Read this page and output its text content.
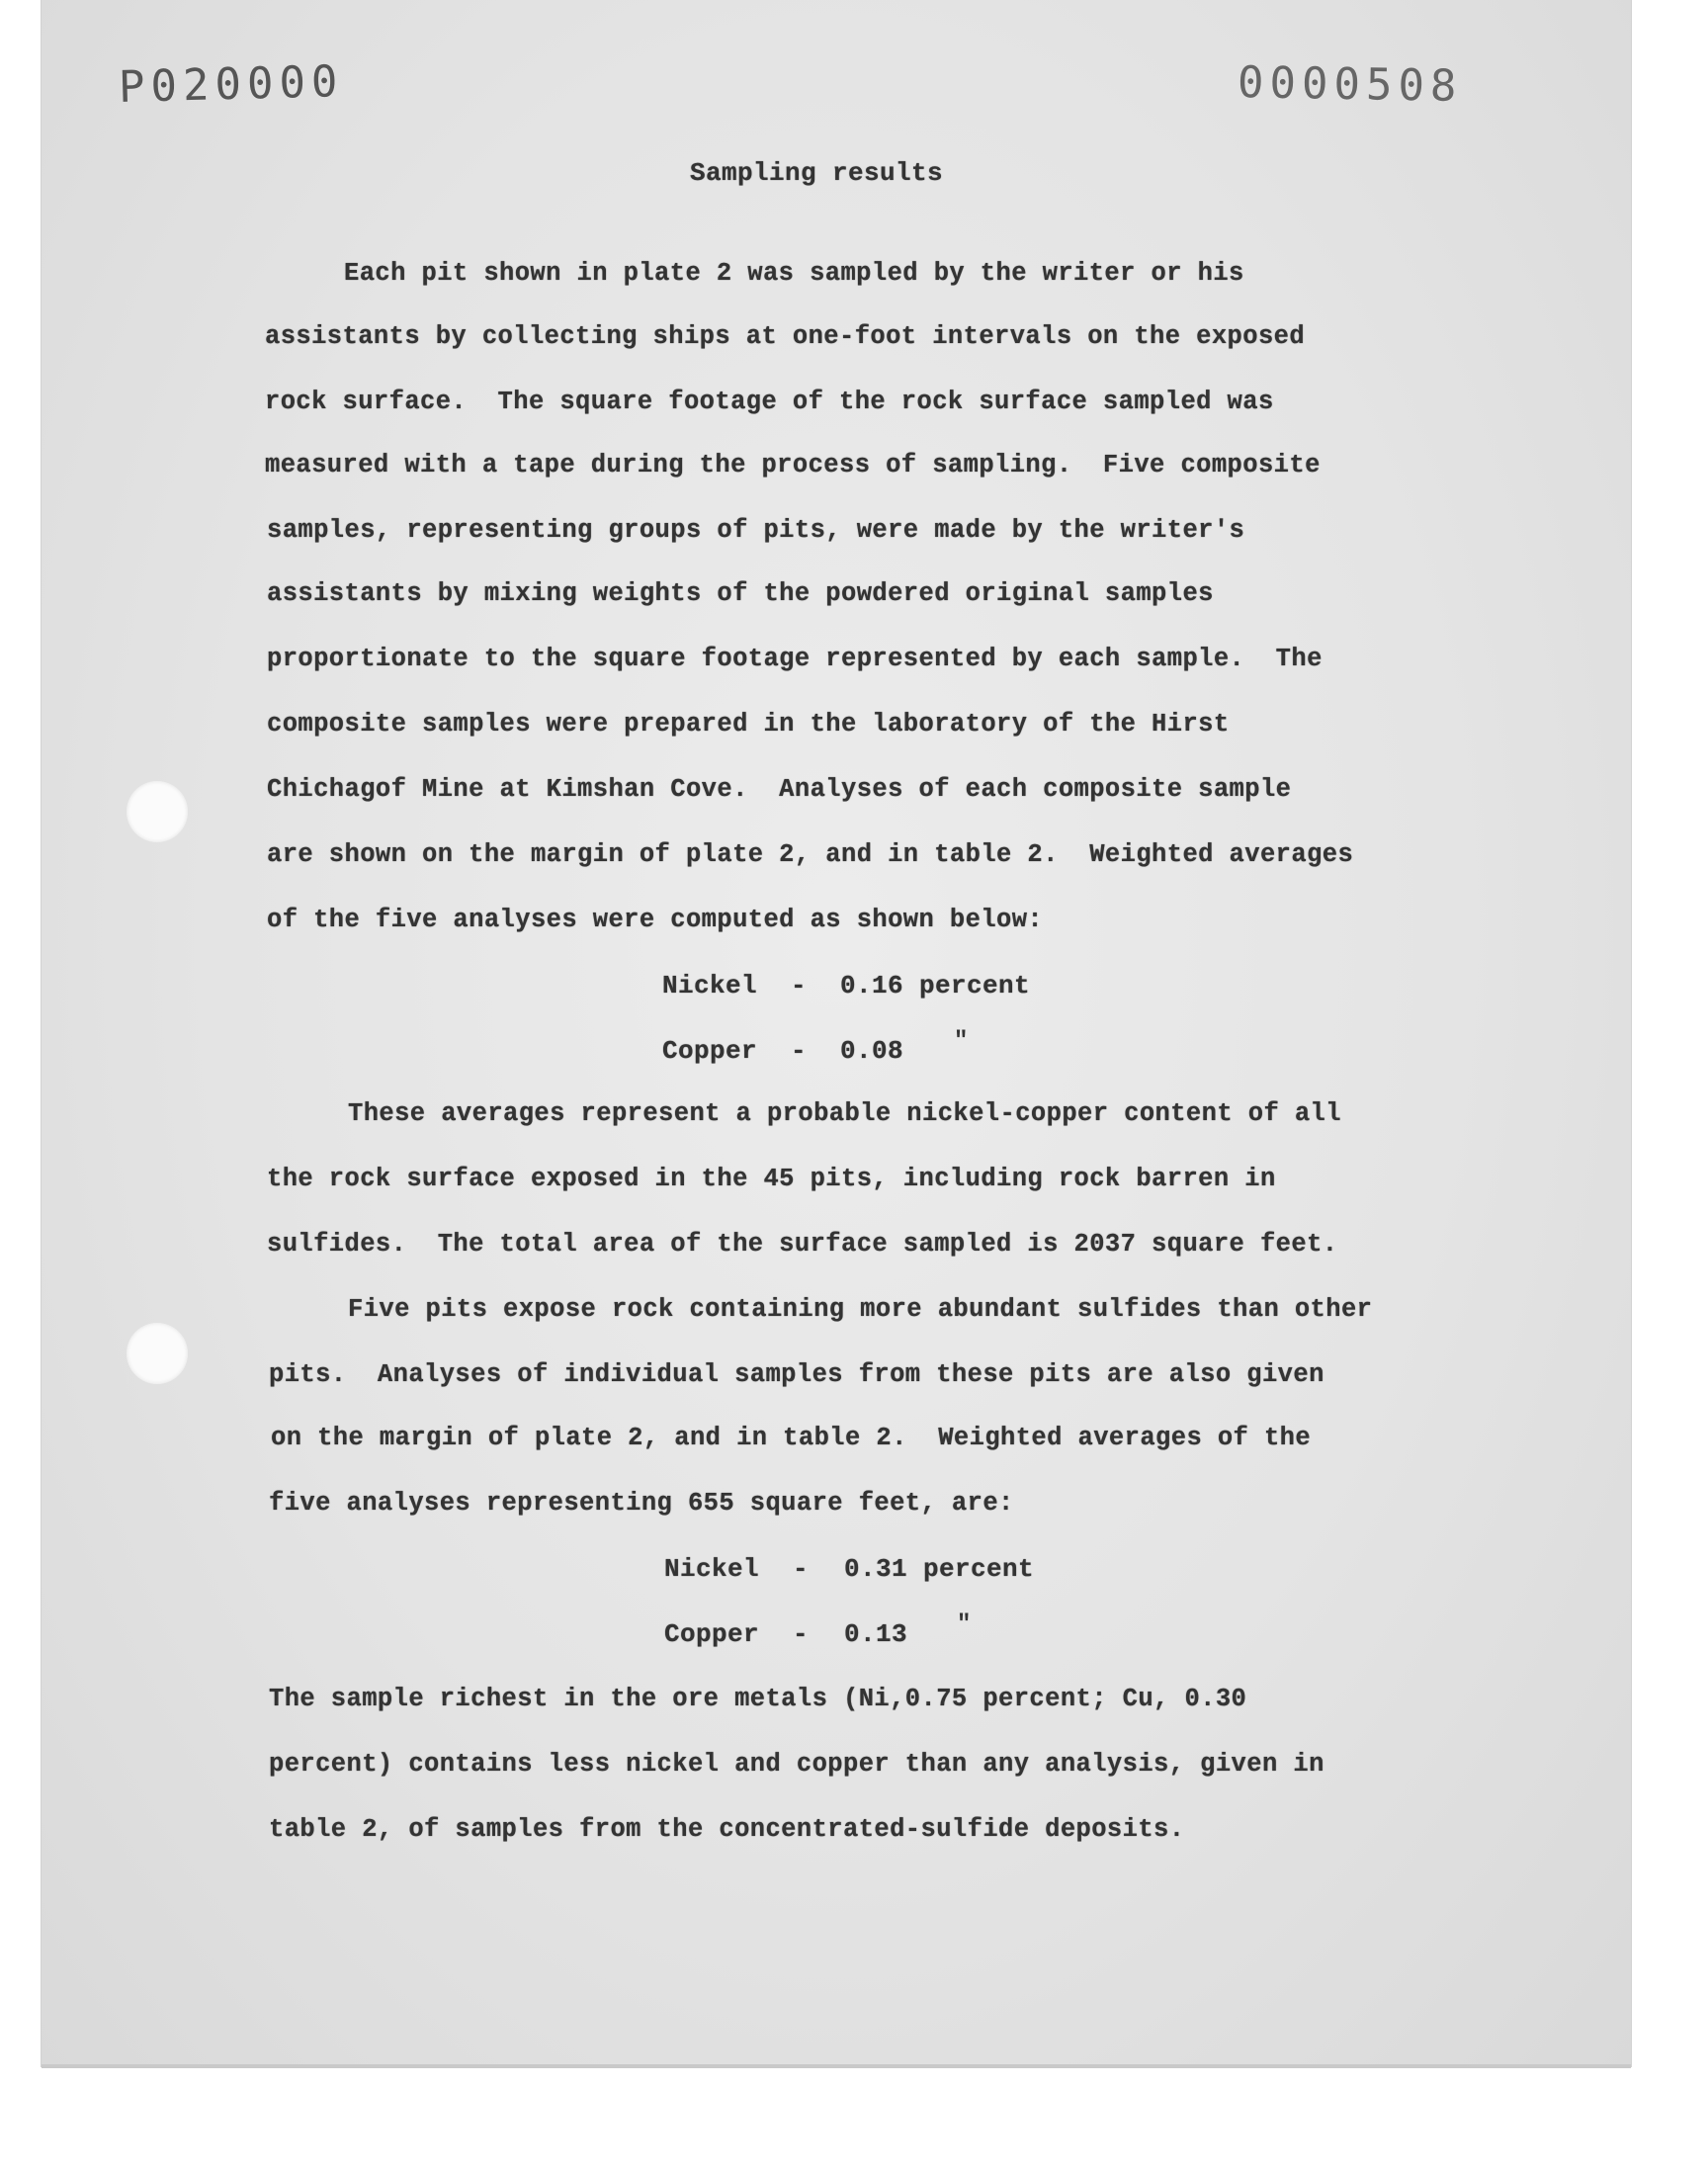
P020000	0000508
Sampling results
Each pit shown in plate 2 was sampled by the writer or his
assistants by collecting ships at one-foot intervals on the exposed
rock surface.  The square footage of the rock surface sampled was
measured with a tape during the process of sampling.  Five composite
samples, representing groups of pits, were made by the writer's
assistants by mixing weights of the powdered original samples
proportionate to the square footage represented by each sample.  The
composite samples were prepared in the laboratory of the Hirst
Chichagof Mine at Kimshan Cove.  Analyses of each composite sample
are shown on the margin of plate 2, and in table 2.  Weighted averages
of the five analyses were computed as shown below:
Nickel - 0.16 percent
Copper - 0.08 "
These averages represent a probable nickel-copper content of all
the rock surface exposed in the 45 pits, including rock barren in
sulfides.  The total area of the surface sampled is 2037 square feet.
Five pits expose rock containing more abundant sulfides than other
pits.  Analyses of individual samples from these pits are also given
on the margin of plate 2, and in table 2.  Weighted averages of the
five analyses representing 655 square feet, are:
Nickel - 0.31 percent
Copper - 0.13 "
The sample richest in the ore metals (Ni,0.75 percent; Cu, 0.30
percent) contains less nickel and copper than any analysis, given in
table 2, of samples from the concentrated-sulfide deposits.
